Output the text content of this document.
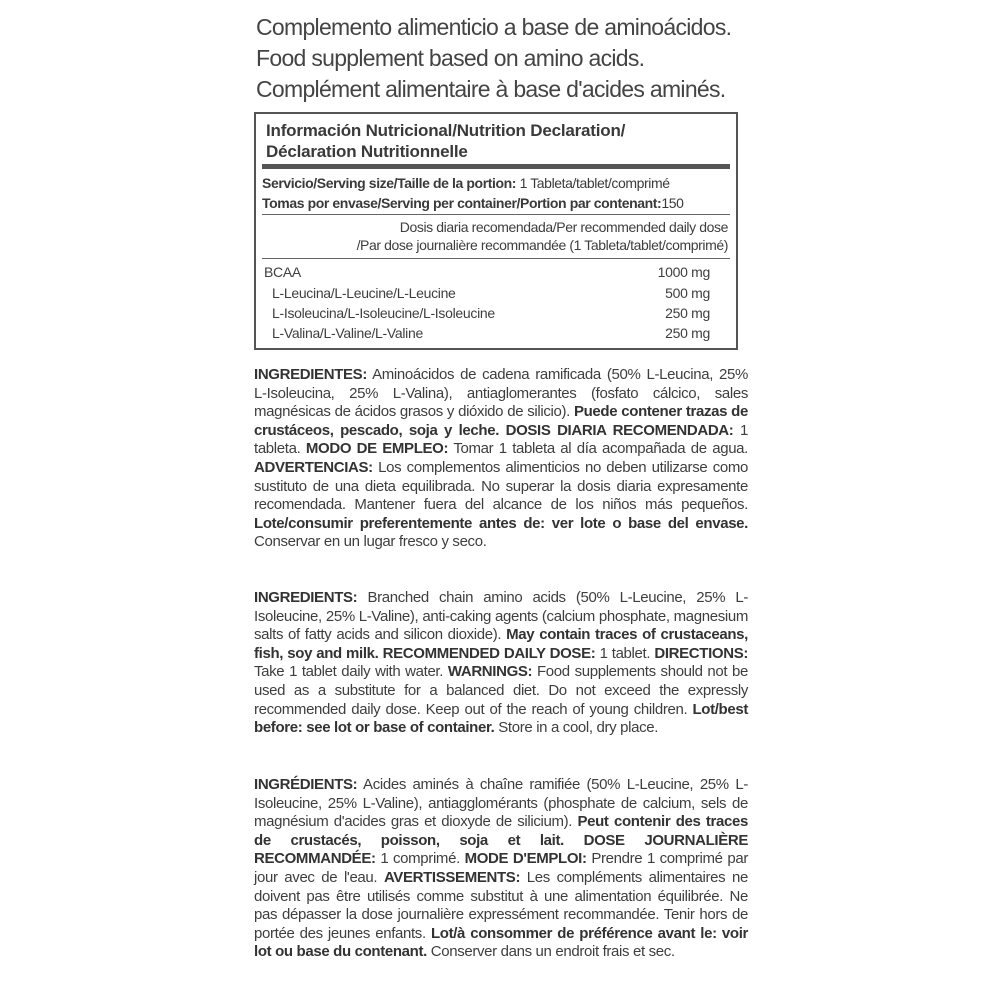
Complemento alimenticio a base de aminoácidos.
Food supplement based on amino acids.
Complément alimentaire à base d'acides aminés.
Información Nutricional/Nutrition Declaration/
Déclaration Nutritionnelle
Servicio/Serving size/Taille de la portion: 1 Tableta/tablet/comprimé
Tomas por envase/Serving per container/Portion par contenant:150
Dosis diaria recomendada/Per recommended daily dose
/Par dose journalière recommandée (1 Tableta/tablet/comprimé)
BCAA	1000 mg
L-Leucina/L-Leucine/L-Leucine	500 mg
L-Isoleucina/L-Isoleucine/L-Isoleucine	250 mg
L-Valina/L-Valine/L-Valine	250 mg
INGREDIENTES: Aminoácidos de cadena ramificada (50% L-Leucina, 25% L-Isoleucina, 25% L-Valina), antiaglomerantes (fosfato cálcico, sales magnésicas de ácidos grasos y dióxido de silicio). Puede contener trazas de crustáceos, pescado, soja y leche. DOSIS DIARIA RECOMENDADA: 1 tableta. MODO DE EMPLEO: Tomar 1 tableta al día acompañada de agua. ADVERTENCIAS: Los complementos alimenticios no deben utilizarse como sustituto de una dieta equilibrada. No superar la dosis diaria expresamente recomendada. Mantener fuera del alcance de los niños más pequeños. Lote/consumir preferentemente antes de: ver lote o base del envase. Conservar en un lugar fresco y seco.
INGREDIENTS: Branched chain amino acids (50% L-Leucine, 25% L-Isoleucine, 25% L-Valine), anti-caking agents (calcium phosphate, magnesium salts of fatty acids and silicon dioxide). May contain traces of crustaceans, fish, soy and milk. RECOMMENDED DAILY DOSE: 1 tablet. DIRECTIONS: Take 1 tablet daily with water. WARNINGS: Food supplements should not be used as a substitute for a balanced diet. Do not exceed the expressly recommended daily dose. Keep out of the reach of young children. Lot/best before: see lot or base of container. Store in a cool, dry place.
INGRÉDIENTS: Acides aminés à chaîne ramifiée (50% L-Leucine, 25% L-Isoleucine, 25% L-Valine), antiagglomérants (phosphate de calcium, sels de magnésium d'acides gras et dioxyde de silicium). Peut contenir des traces de crustacés, poisson, soja et lait. DOSE JOURNALIÈRE RECOMMANDÉE: 1 comprimé. MODE D'EMPLOI: Prendre 1 comprimé par jour avec de l'eau. AVERTISSEMENTS: Les compléments alimentaires ne doivent pas être utilisés comme substitut à une alimentation équilibrée. Ne pas dépasser la dose journalière expressément recommandée. Tenir hors de portée des jeunes enfants. Lot/à consommer de préférence avant le: voir lot ou base du contenant. Conserver dans un endroit frais et sec.
